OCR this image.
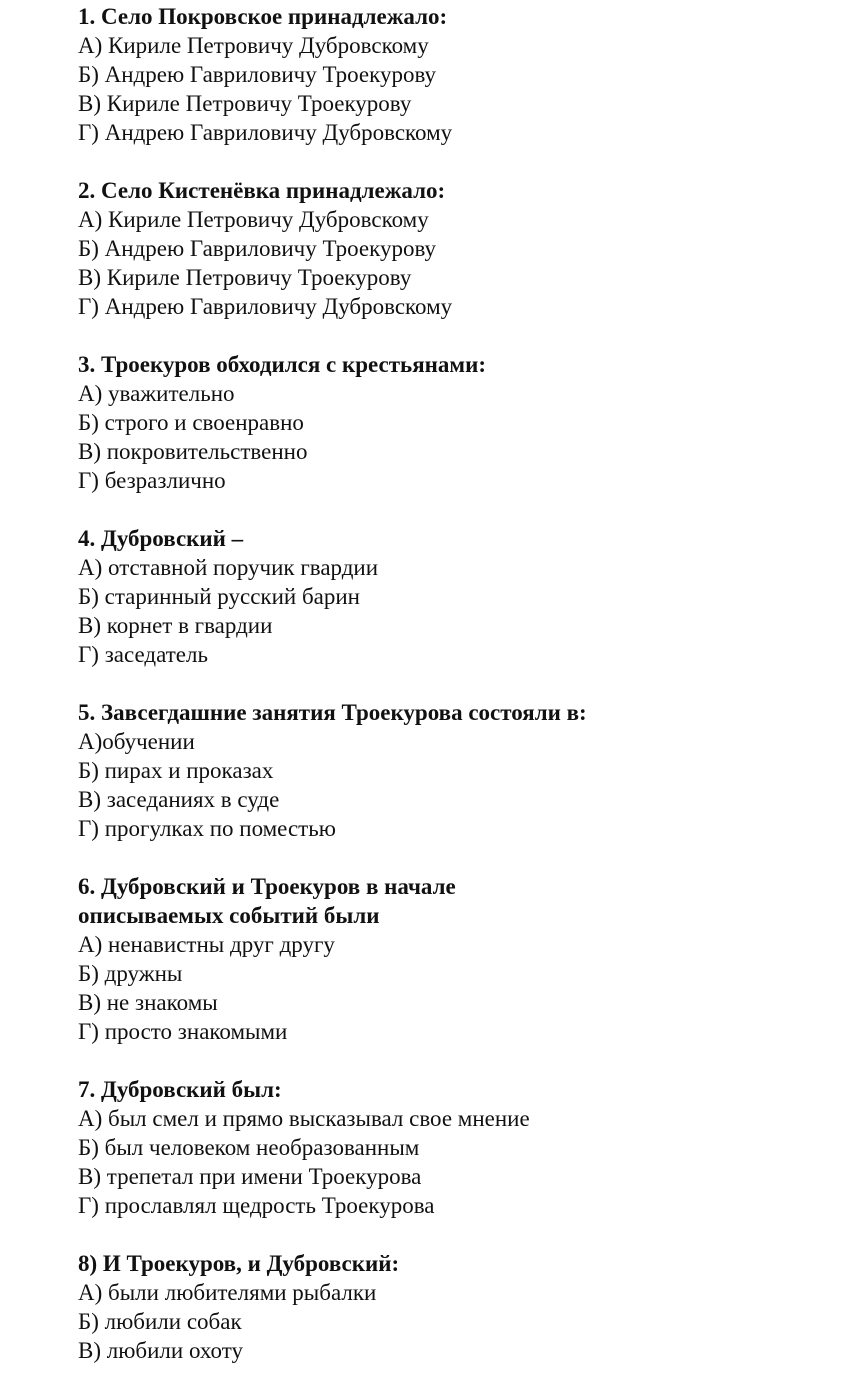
1. Село Покровское принадлежало:
А) Кириле Петровичу Дубровскому
Б) Андрею Гавриловичу Троекурову
В) Кириле Петровичу Троекурову
Г) Андрею Гавриловичу Дубровскому
2. Село Кистенёвка принадлежало:
А) Кириле Петровичу Дубровскому
Б) Андрею Гавриловичу Троекурову
В) Кириле Петровичу Троекурову
Г) Андрею Гавриловичу Дубровскому
3. Троекуров обходился с крестьянами:
А) уважительно
Б) строго и своенравно
В) покровительственно
Г) безразлично
4. Дубровский –
А) отставной поручик гвардии
Б) старинный русский барин
В) корнет в гвардии
Г) заседатель
5. Завсегдашние занятия Троекурова состояли в:
А)обучении
Б) пирах и проказах
В) заседаниях в суде
Г) прогулках по поместью
6. Дубровский и Троекуров в начале
описываемых событий были
А) ненавистны друг другу
Б) дружны
В) не знакомы
Г) просто знакомыми
7. Дубровский был:
А) был смел и прямо высказывал свое мнение
Б) был человеком необразованным
В) трепетал при имени Троекурова
Г) прославлял щедрость Троекурова
8) И Троекуров, и Дубровский:
А) были любителями рыбалки
Б) любили собак
В) любили охоту
